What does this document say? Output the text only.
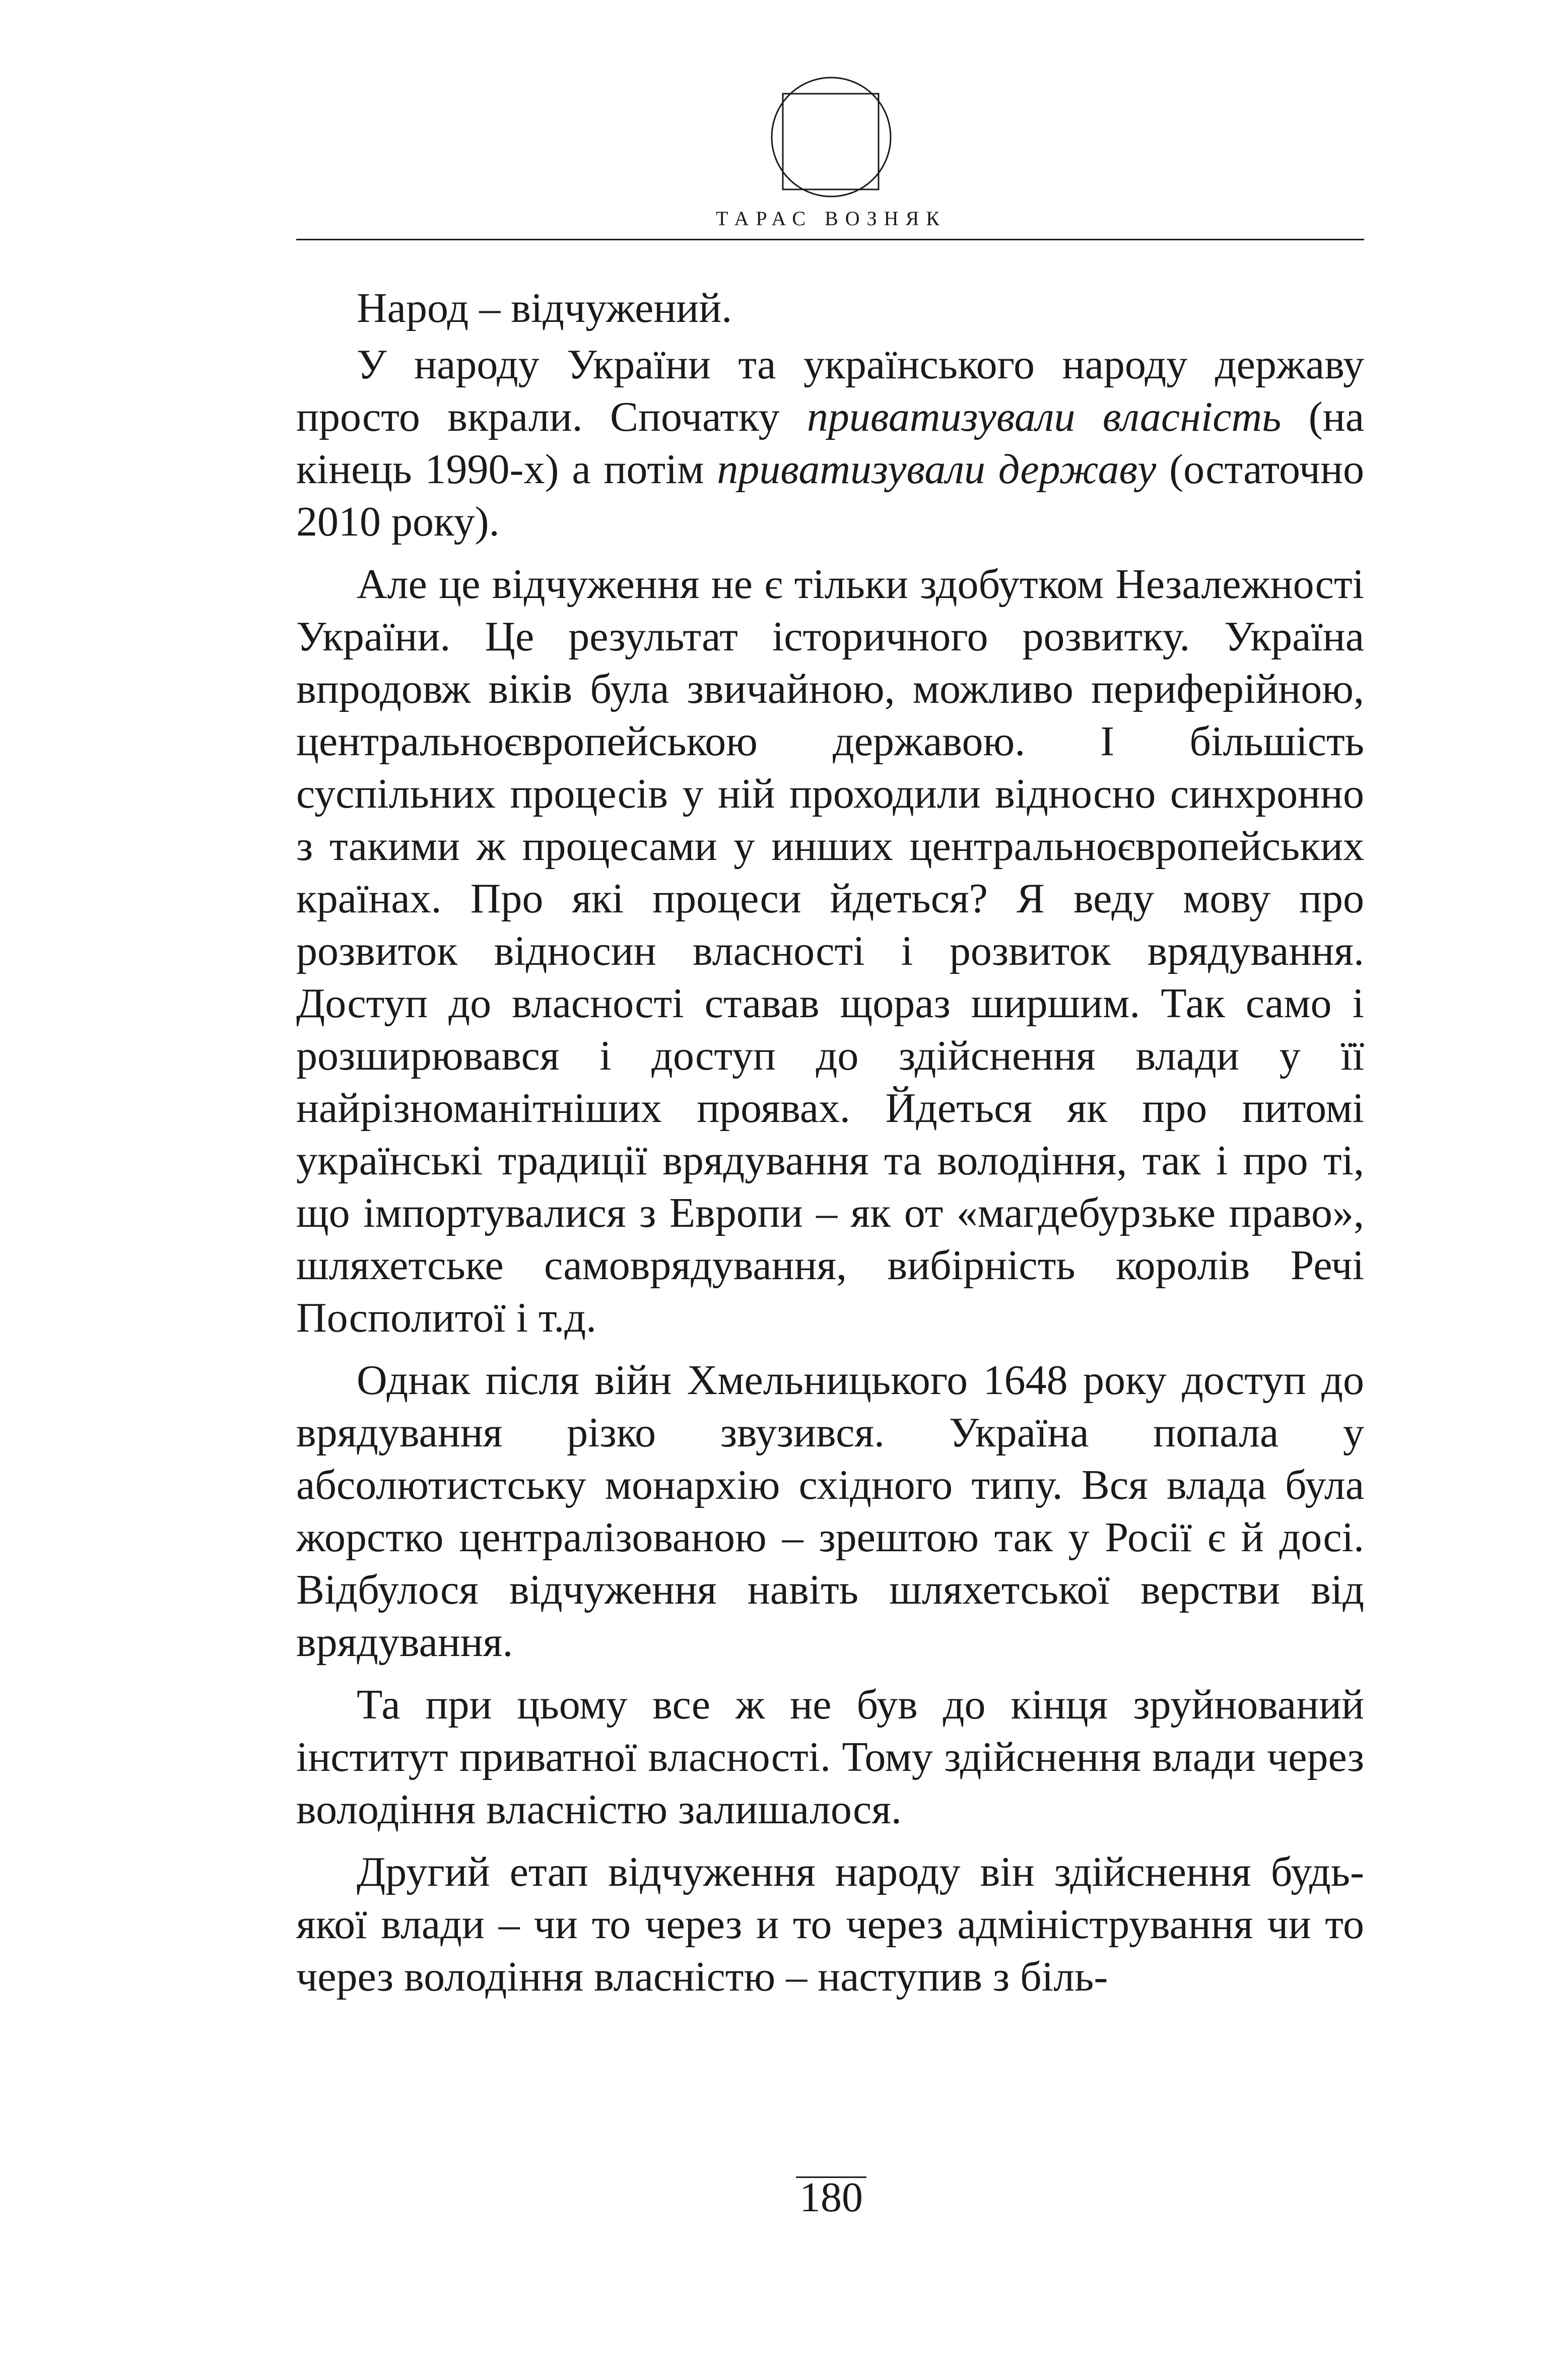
ТАРАС ВОЗНЯК

Народ – відчужений.

У народу України та українського народу державу просто вкрали. Спочатку приватизували власність (на кінець 1990-х) а потім приватизували державу (остаточно 2010 року).

Але це відчуження не є тільки здобутком Незалежності України. Це результат історичного розвитку. Україна впродовж віків була звичайною, можливо периферійною, центральноєвропейською державою. І більшість суспільних процесів у ній проходили відносно синхронно з такими ж процесами у инших центральноєвропейських країнах. Про які процеси йдеться? Я веду мову про розвиток відносин власності і розвиток врядування. Доступ до власності ставав щораз ширшим. Так само і розширювався і доступ до здійснення влади у її найрізноманітніших проявах. Йдеться як про питомі українські традиції врядування та володіння, так і про ті, що імпортувалися з Европи – як от «магдебурзьке право», шляхетське самоврядування, вибірність королів Речі Посполитої і т.д.

Однак після війн Хмельницького 1648 року доступ до врядування різко звузився. Україна попала у абсолютистську монархію східного типу. Вся влада була жорстко централізованою – зрештою так у Росії є й досі. Відбулося відчуження навіть шляхетської верстви від врядування.

Та при цьому все ж не був до кінця зруйнований інститут приватної власності. Тому здійснення влади через володіння власністю залишалося.

Другий етап відчуження народу він здійснення будь-якої влади – чи то через и то через адміністрування чи то через володіння власністю – наступив з біль-

180
